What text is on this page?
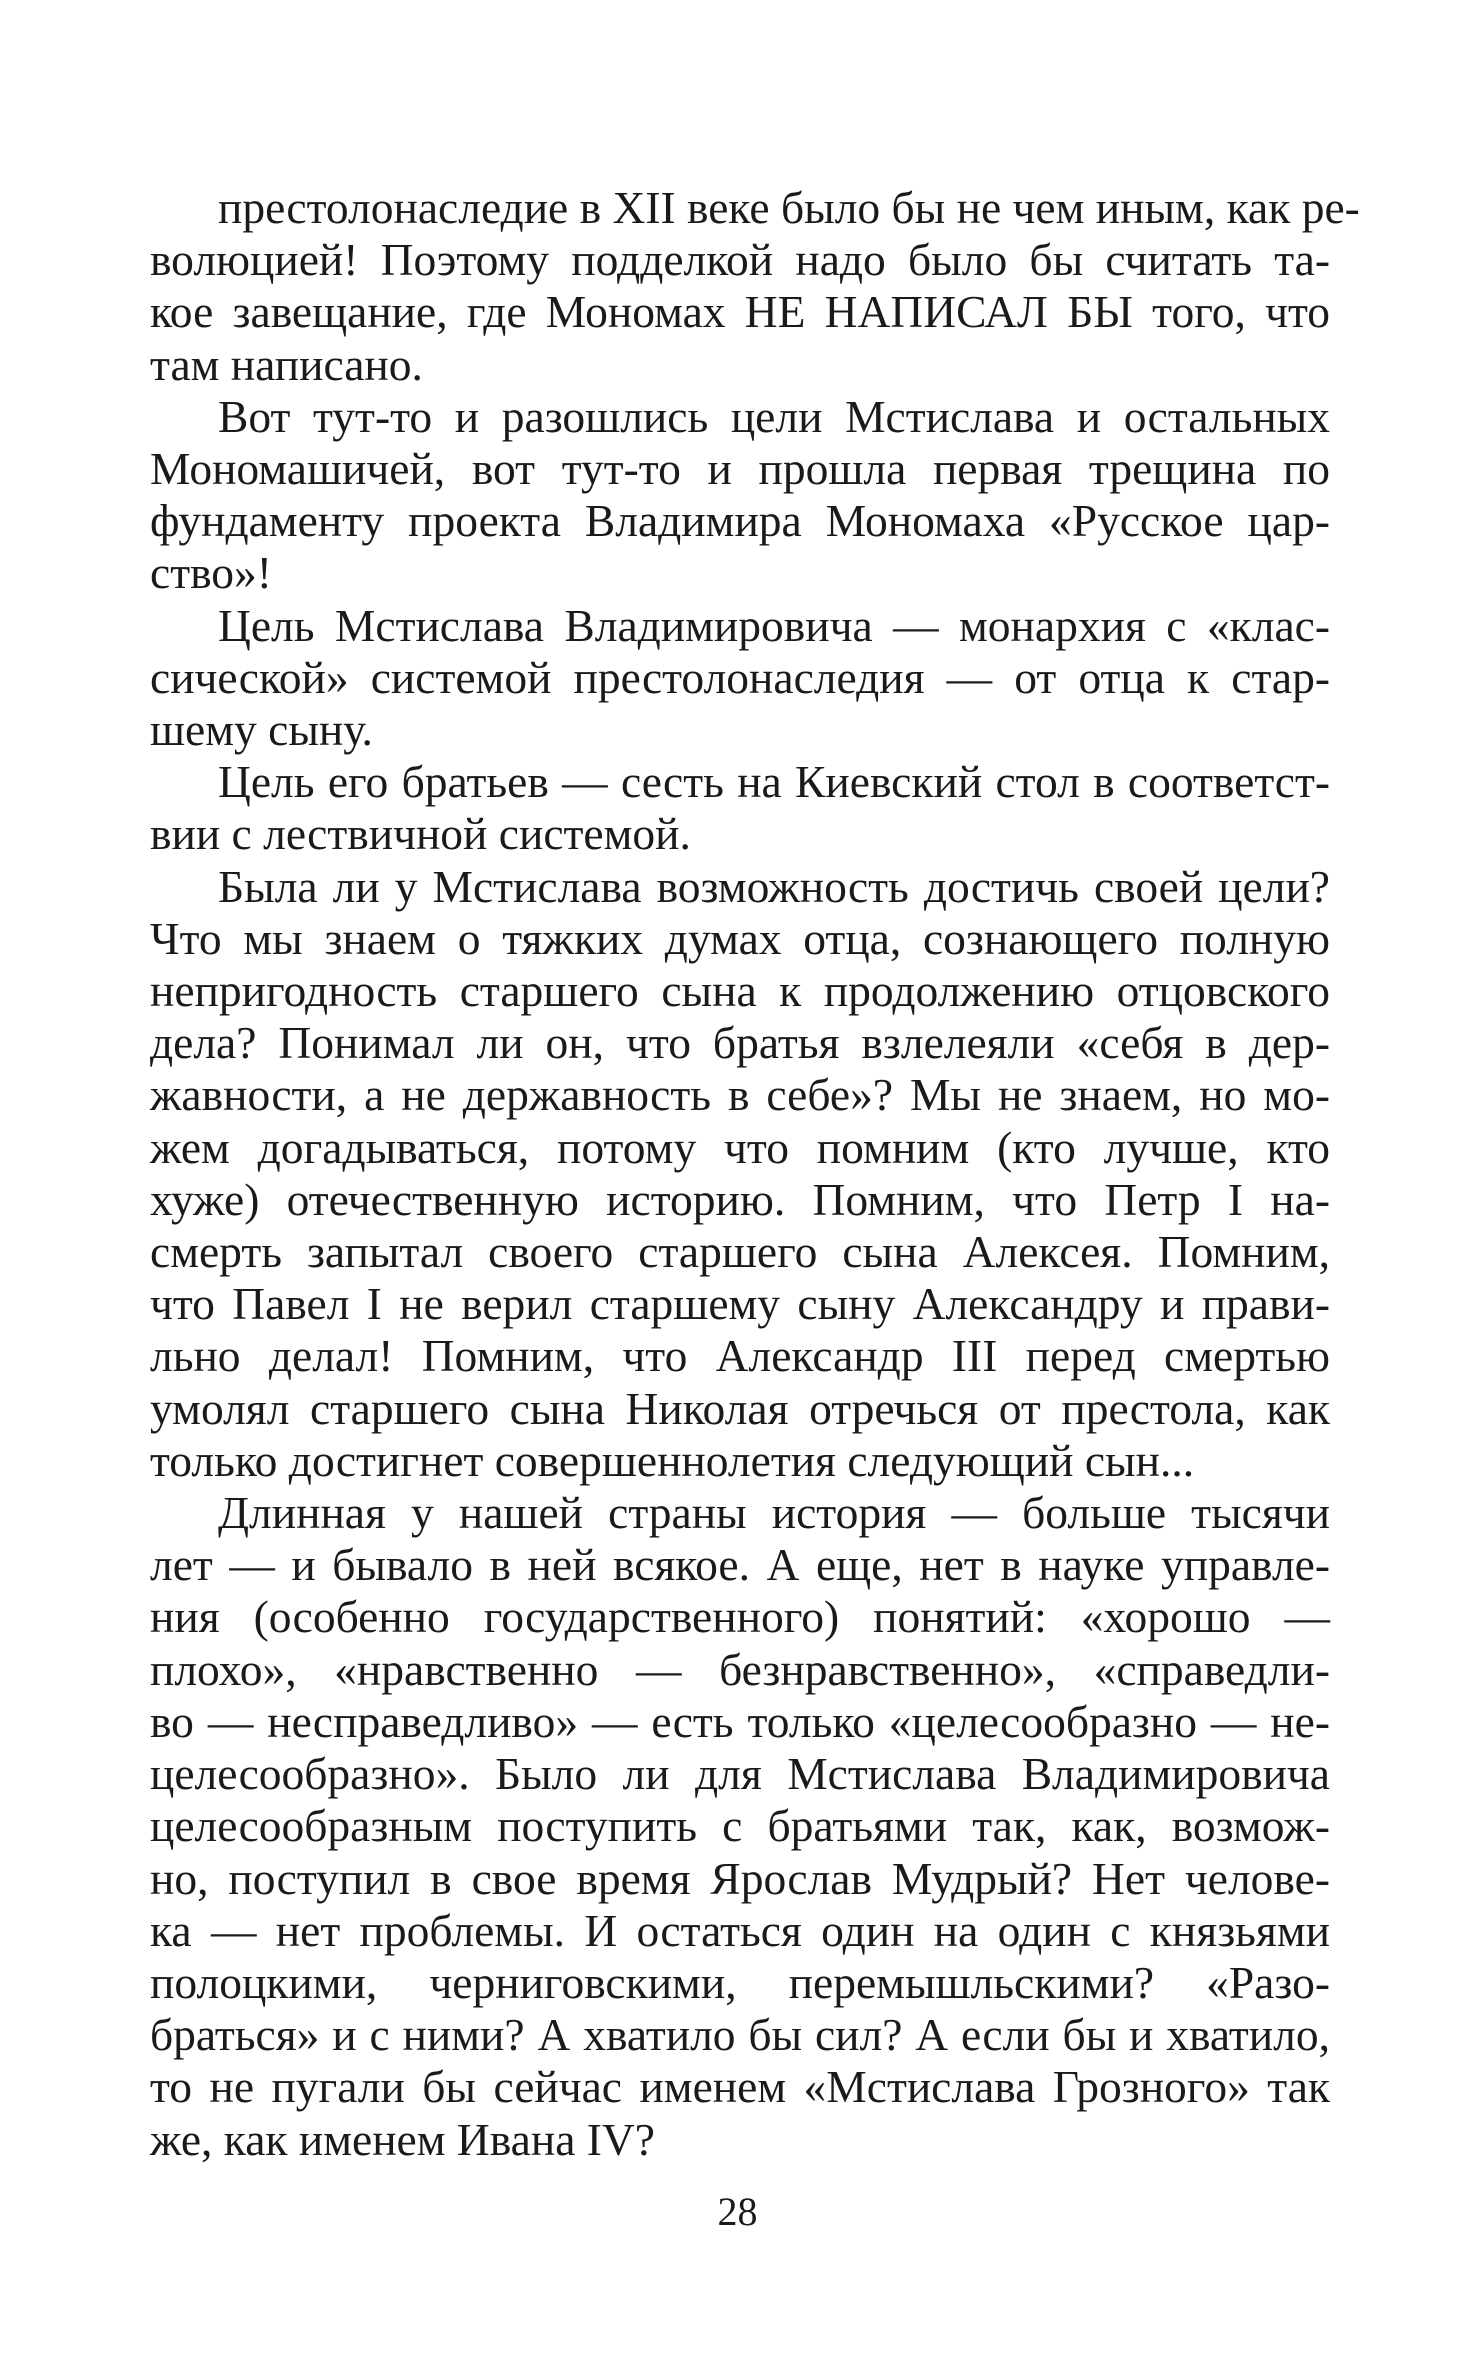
престолонаследие в XII веке было бы не чем иным, как ре-
волюцией! Поэтому подделкой надо было бы считать та-
кое завещание, где Мономах НЕ НАПИСАЛ БЫ того, что
там написано.
Вот тут-то и разошлись цели Мстислава и остальных
Мономашичей, вот тут-то и прошла первая трещина по
фундаменту проекта Владимира Мономаха «Русское цар-
ство»!
Цель Мстислава Владимировича — монархия с «клас-
сической» системой престолонаследия — от отца к стар-
шему сыну.
Цель его братьев — сесть на Киевский стол в соответст-
вии с лествичной системой.
Была ли у Мстислава возможность достичь своей цели?
Что мы знаем о тяжких думах отца, сознающего полную
непригодность старшего сына к продолжению отцовского
дела? Понимал ли он, что братья взлелеяли «себя в дер-
жавности, а не державность в себе»? Мы не знаем, но мо-
жем догадываться, потому что помним (кто лучше, кто
хуже) отечественную историю. Помним, что Петр I на-
смерть запытал своего старшего сына Алексея. Помним,
что Павел I не верил старшему сыну Александру и прави-
льно делал! Помним, что Александр III перед смертью
умолял старшего сына Николая отречься от престола, как
только достигнет совершеннолетия следующий сын...
Длинная у нашей страны история — больше тысячи
лет — и бывало в ней всякое. А еще, нет в науке управле-
ния (особенно государственного) понятий: «хорошо —
плохо», «нравственно — безнравственно», «справедли-
во — несправедливо» — есть только «целесообразно — не-
целесообразно». Было ли для Мстислава Владимировича
целесообразным поступить с братьями так, как, возмож-
но, поступил в свое время Ярослав Мудрый? Нет челове-
ка — нет проблемы. И остаться один на один с князьями
полоцкими, черниговскими, перемышльскими? «Разо-
браться» и с ними? А хватило бы сил? А если бы и хватило,
то не пугали бы сейчас именем «Мстислава Грозного» так
же, как именем Ивана IV?
28
